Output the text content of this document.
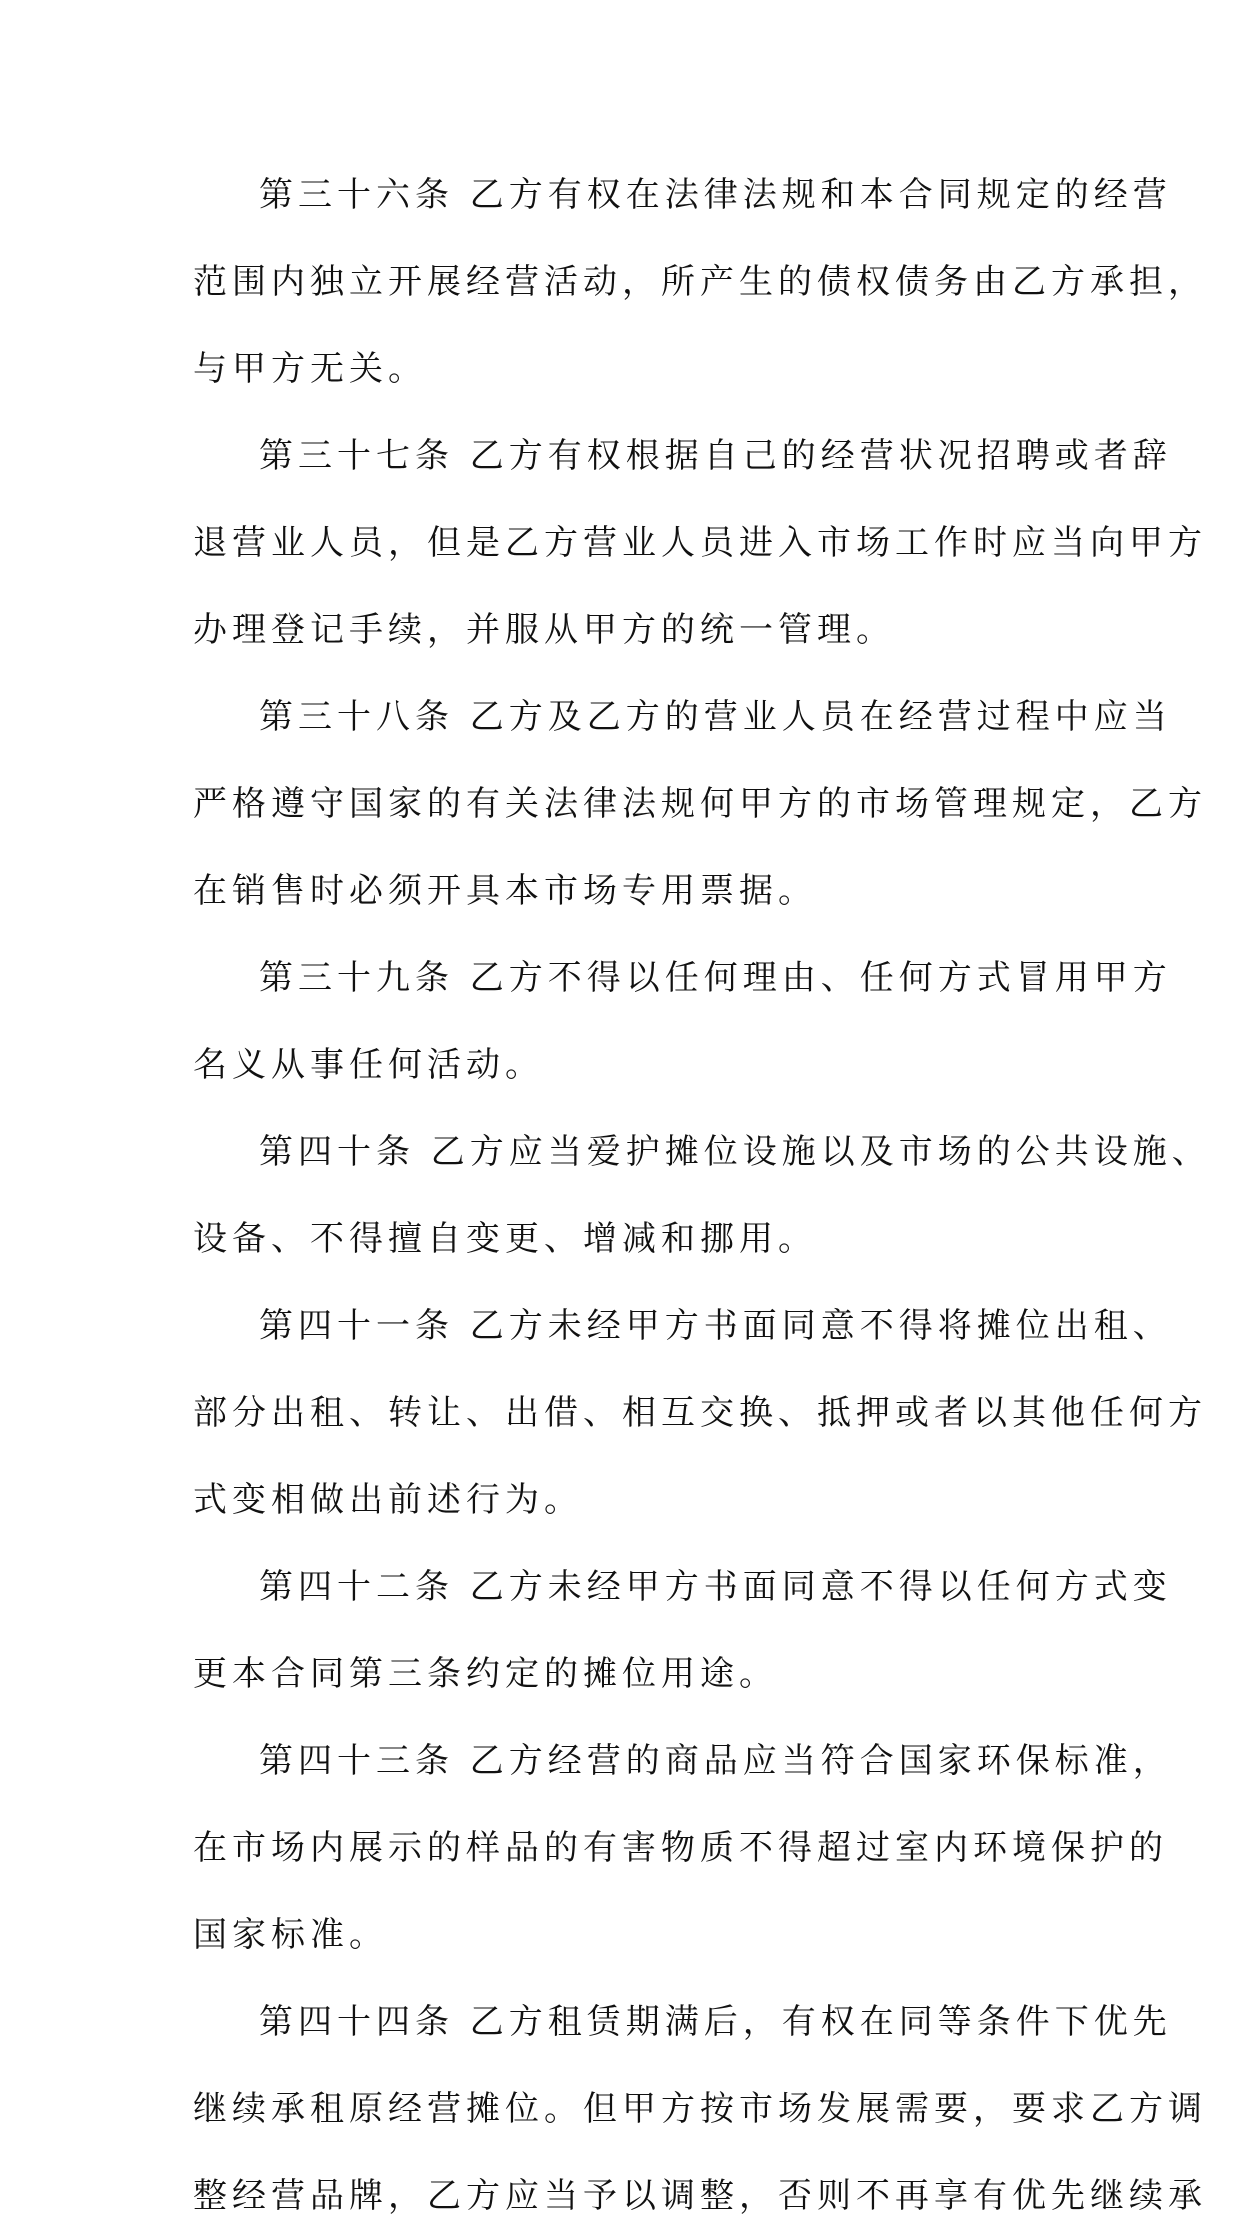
第三十六条 乙方有权在法律法规和本合同规定的经营
范围内独立开展经营活动，所产生的债权债务由乙方承担，
与甲方无关。

第三十七条 乙方有权根据自己的经营状况招聘或者辞
退营业人员，但是乙方营业人员进入市场工作时应当向甲方
办理登记手续，并服从甲方的统一管理。

第三十八条 乙方及乙方的营业人员在经营过程中应当
严格遵守国家的有关法律法规何甲方的市场管理规定，乙方
在销售时必须开具本市场专用票据。

第三十九条 乙方不得以任何理由、任何方式冒用甲方
名义从事任何活动。

第四十条 乙方应当爱护摊位设施以及市场的公共设施、
设备、不得擅自变更、增减和挪用。

第四十一条 乙方未经甲方书面同意不得将摊位出租、
部分出租、转让、出借、相互交换、抵押或者以其他任何方
式变相做出前述行为。

第四十二条 乙方未经甲方书面同意不得以任何方式变
更本合同第三条约定的摊位用途。

第四十三条 乙方经营的商品应当符合国家环保标准，
在市场内展示的样品的有害物质不得超过室内环境保护的
国家标准。

第四十四条 乙方租赁期满后，有权在同等条件下优先
继续承租原经营摊位。但甲方按市场发展需要，要求乙方调
整经营品牌，乙方应当予以调整，否则不再享有优先继续承
